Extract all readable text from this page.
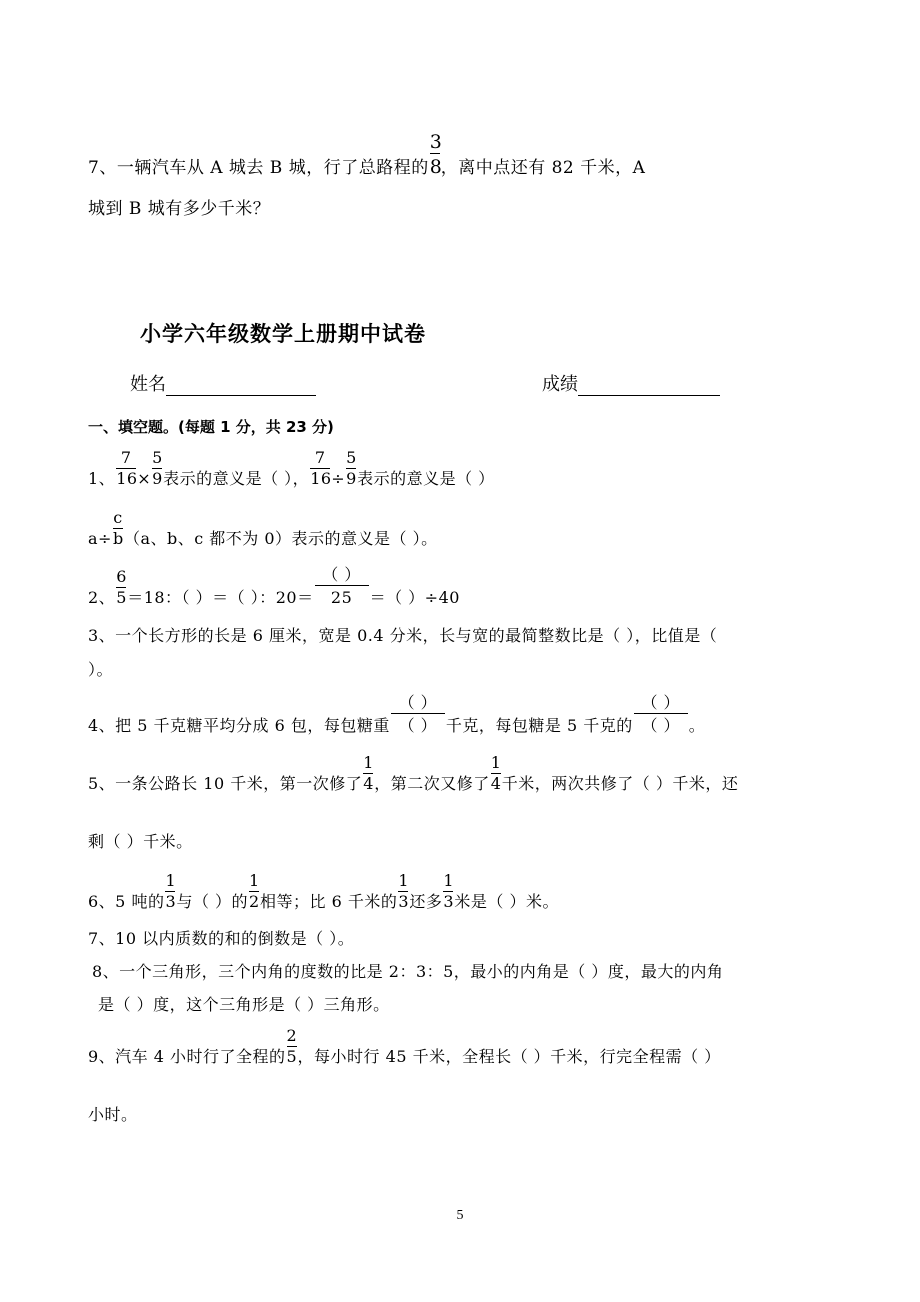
7、一辆汽车从 A 城去 B 城，行了总路程的 $\frac{3}{8}$ ，离中点还有 82 千米，A
城到 B 城有多少千米？
小学六年级数学上册期中试卷
姓名	成绩
一、填空题。(每题 1 分，共 23 分)
1、 $\frac{7}{16} \times \frac{5}{9}$ 表示的意义是（ ）， $\frac{7}{16} \div \frac{5}{9}$ 表示的意义是（ ）
$a\div \frac{c}{b} (a$、b、c 都不为 0）表示的意义是（ ）。
2、 $\frac{6}{5} =18$：（ ）＝（ ）：$20= \frac{( )}{25}$ ＝（ ）÷40
3、一个长方形的长是 6 厘米，宽是 0.4 分米，长与宽的最简整数比是（ ），比值是（
）。
4、把 5 千克糖平均分成 6 包，每包糖重 $\frac{( )}{( )}$ 千克，每包糖是 5 千克的 $\frac{( )}{( )}$ 。
5、一条公路长 10 千米，第一次修了 $\frac{1}{4}$ ，第二次又修了 $\frac{1}{4}$ 千米，两次共修了（ ）千米，还
剩（ ）千米。
6、5 吨的 $\frac{1}{3}$ 与（ ）的 $\frac{1}{2}$ 相等；比 6 千米的 $\frac{1}{3}$ 还多 $\frac{1}{3}$ 米是（ ）米。
7、10 以内质数的和的倒数是（ ）。
8、一个三角形，三个内角的度数的比是 2：3：5，最小的内角是（ ）度，最大的内角
是（ ）度，这个三角形是（ ）三角形。
9、汽车 4 小时行了全程的 $\frac{2}{5}$ ，每小时行 45 千米，全程长（ ）千米，行完全程需（ ）
小时。
5
